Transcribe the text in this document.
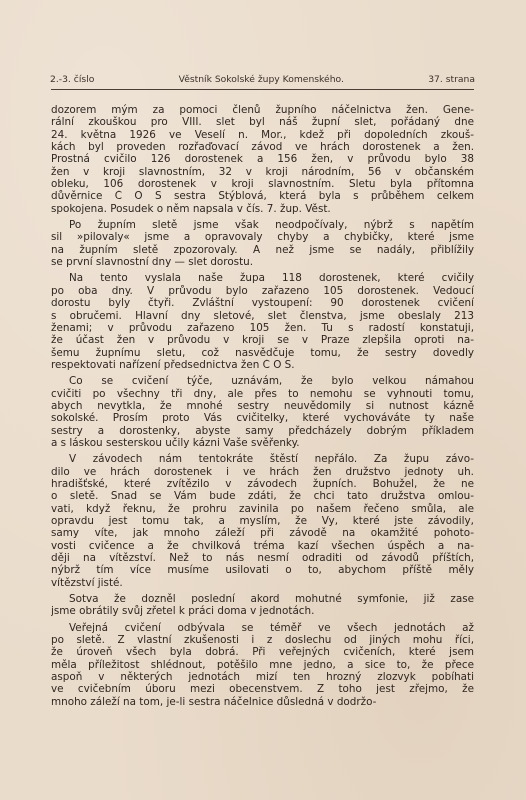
2.-3. číslo	Věstník Sokolské župy Komenského.	37. strana
dozorem mým za pomoci členů župního náčelnictva žen. Gene-
rální zkouškou pro VIII. slet byl náš župní slet, pořádaný dne
24. května 1926 ve Veselí n. Mor., kdež při dopoledních zkouš-
kách byl proveden rozřaďovací závod ve hrách dorostenek a žen.
Prostná cvičilo 126 dorostenek a 156 žen, v průvodu bylo 38
žen v kroji slavnostním, 32 v kroji národním, 56 v občanském
obleku, 106 dorostenek v kroji slavnostním. Sletu byla přítomna
důvěrnice Č O S sestra Stýblová, která byla s průběhem celkem
spokojena. Posudek o něm napsala v čís. 7. žup. Věst.
Po župním sletě jsme však neodpočívaly, nýbrž s napětím
sil »pilovaly« jsme a opravovaly chyby a chybičky, které jsme
na župním sletě zpozorovaly. A než jsme se nadály, přiblížily
se první slavnostní dny — slet dorostu.
Na tento vyslala naše župa 118 dorostenek, které cvičily
po oba dny. V průvodu bylo zařazeno 105 dorostenek. Vedoucí
dorostu byly čtyři. Zvláštní vystoupení: 90 dorostenek cvičení
s obručemi. Hlavní dny sletové, slet členstva, jsme obeslaly 213
ženami; v průvodu zařazeno 105 žen. Tu s radostí konstatuji,
že účast žen v průvodu v kroji se v Praze zlepšila oproti na-
šemu župnímu sletu, což nasvědčuje tomu, že sestry dovedly
respektovati nařízení předsednictva žen Č O S.
Co se cvičení týče, uznávám, že bylo velkou námahou
cvičiti po všechny tři dny, ale přes to nemohu se vyhnouti tomu,
abych nevytkla, že mnohé sestry neuvědomily si nutnost kázně
sokolské. Prosím proto Vás cvičitelky, které vychováváte ty naše
sestry a dorostenky, abyste samy předcházely dobrým příkladem
a s láskou sesterskou učily kázni Vaše svěřenky.
V závodech nám tentokráte štěstí nepřálo. Za župu závo-
dilo ve hrách dorostenek i ve hrách žen družstvo jednoty uh.
hradišťské, které zvítězilo v závodech župních. Bohužel, že ne
o sletě. Snad se Vám bude zdáti, že chci tato družstva omlou-
vati, když řeknu, že prohru zavinila po našem řečeno smůla, ale
opravdu jest tomu tak, a myslím, že Vy, které jste závodily,
samy víte, jak mnoho záleží při závodě na okamžité pohoto-
vosti cvičence a že chvilková tréma kazí všechen úspěch a na-
ději na vítězství. Než to nás nesmí odraditi od závodů příštích,
nýbrž tím více musíme usilovati o to, abychom příště měly
vítězství jisté.
Sotva že dozněl poslední akord mohutné symfonie, již zase
jsme obrátily svůj zřetel k práci doma v jednotách.
Veřejná cvičení odbývala se téměř ve všech jednotách až
po sletě. Z vlastní zkušenosti i z doslechu od jiných mohu říci,
že úroveň všech byla dobrá. Při veřejných cvičeních, které jsem
měla příležitost shlédnout, potěšilo mne jedno, a sice to, že přece
aspoň v některých jednotách mizí ten hrozný zlozvyk pobíhati
ve cvičebním úboru mezi obecenstvem. Z toho jest zřejmo, že
mnoho záleží na tom, je-li sestra náčelnice důsledná v dodržo-
